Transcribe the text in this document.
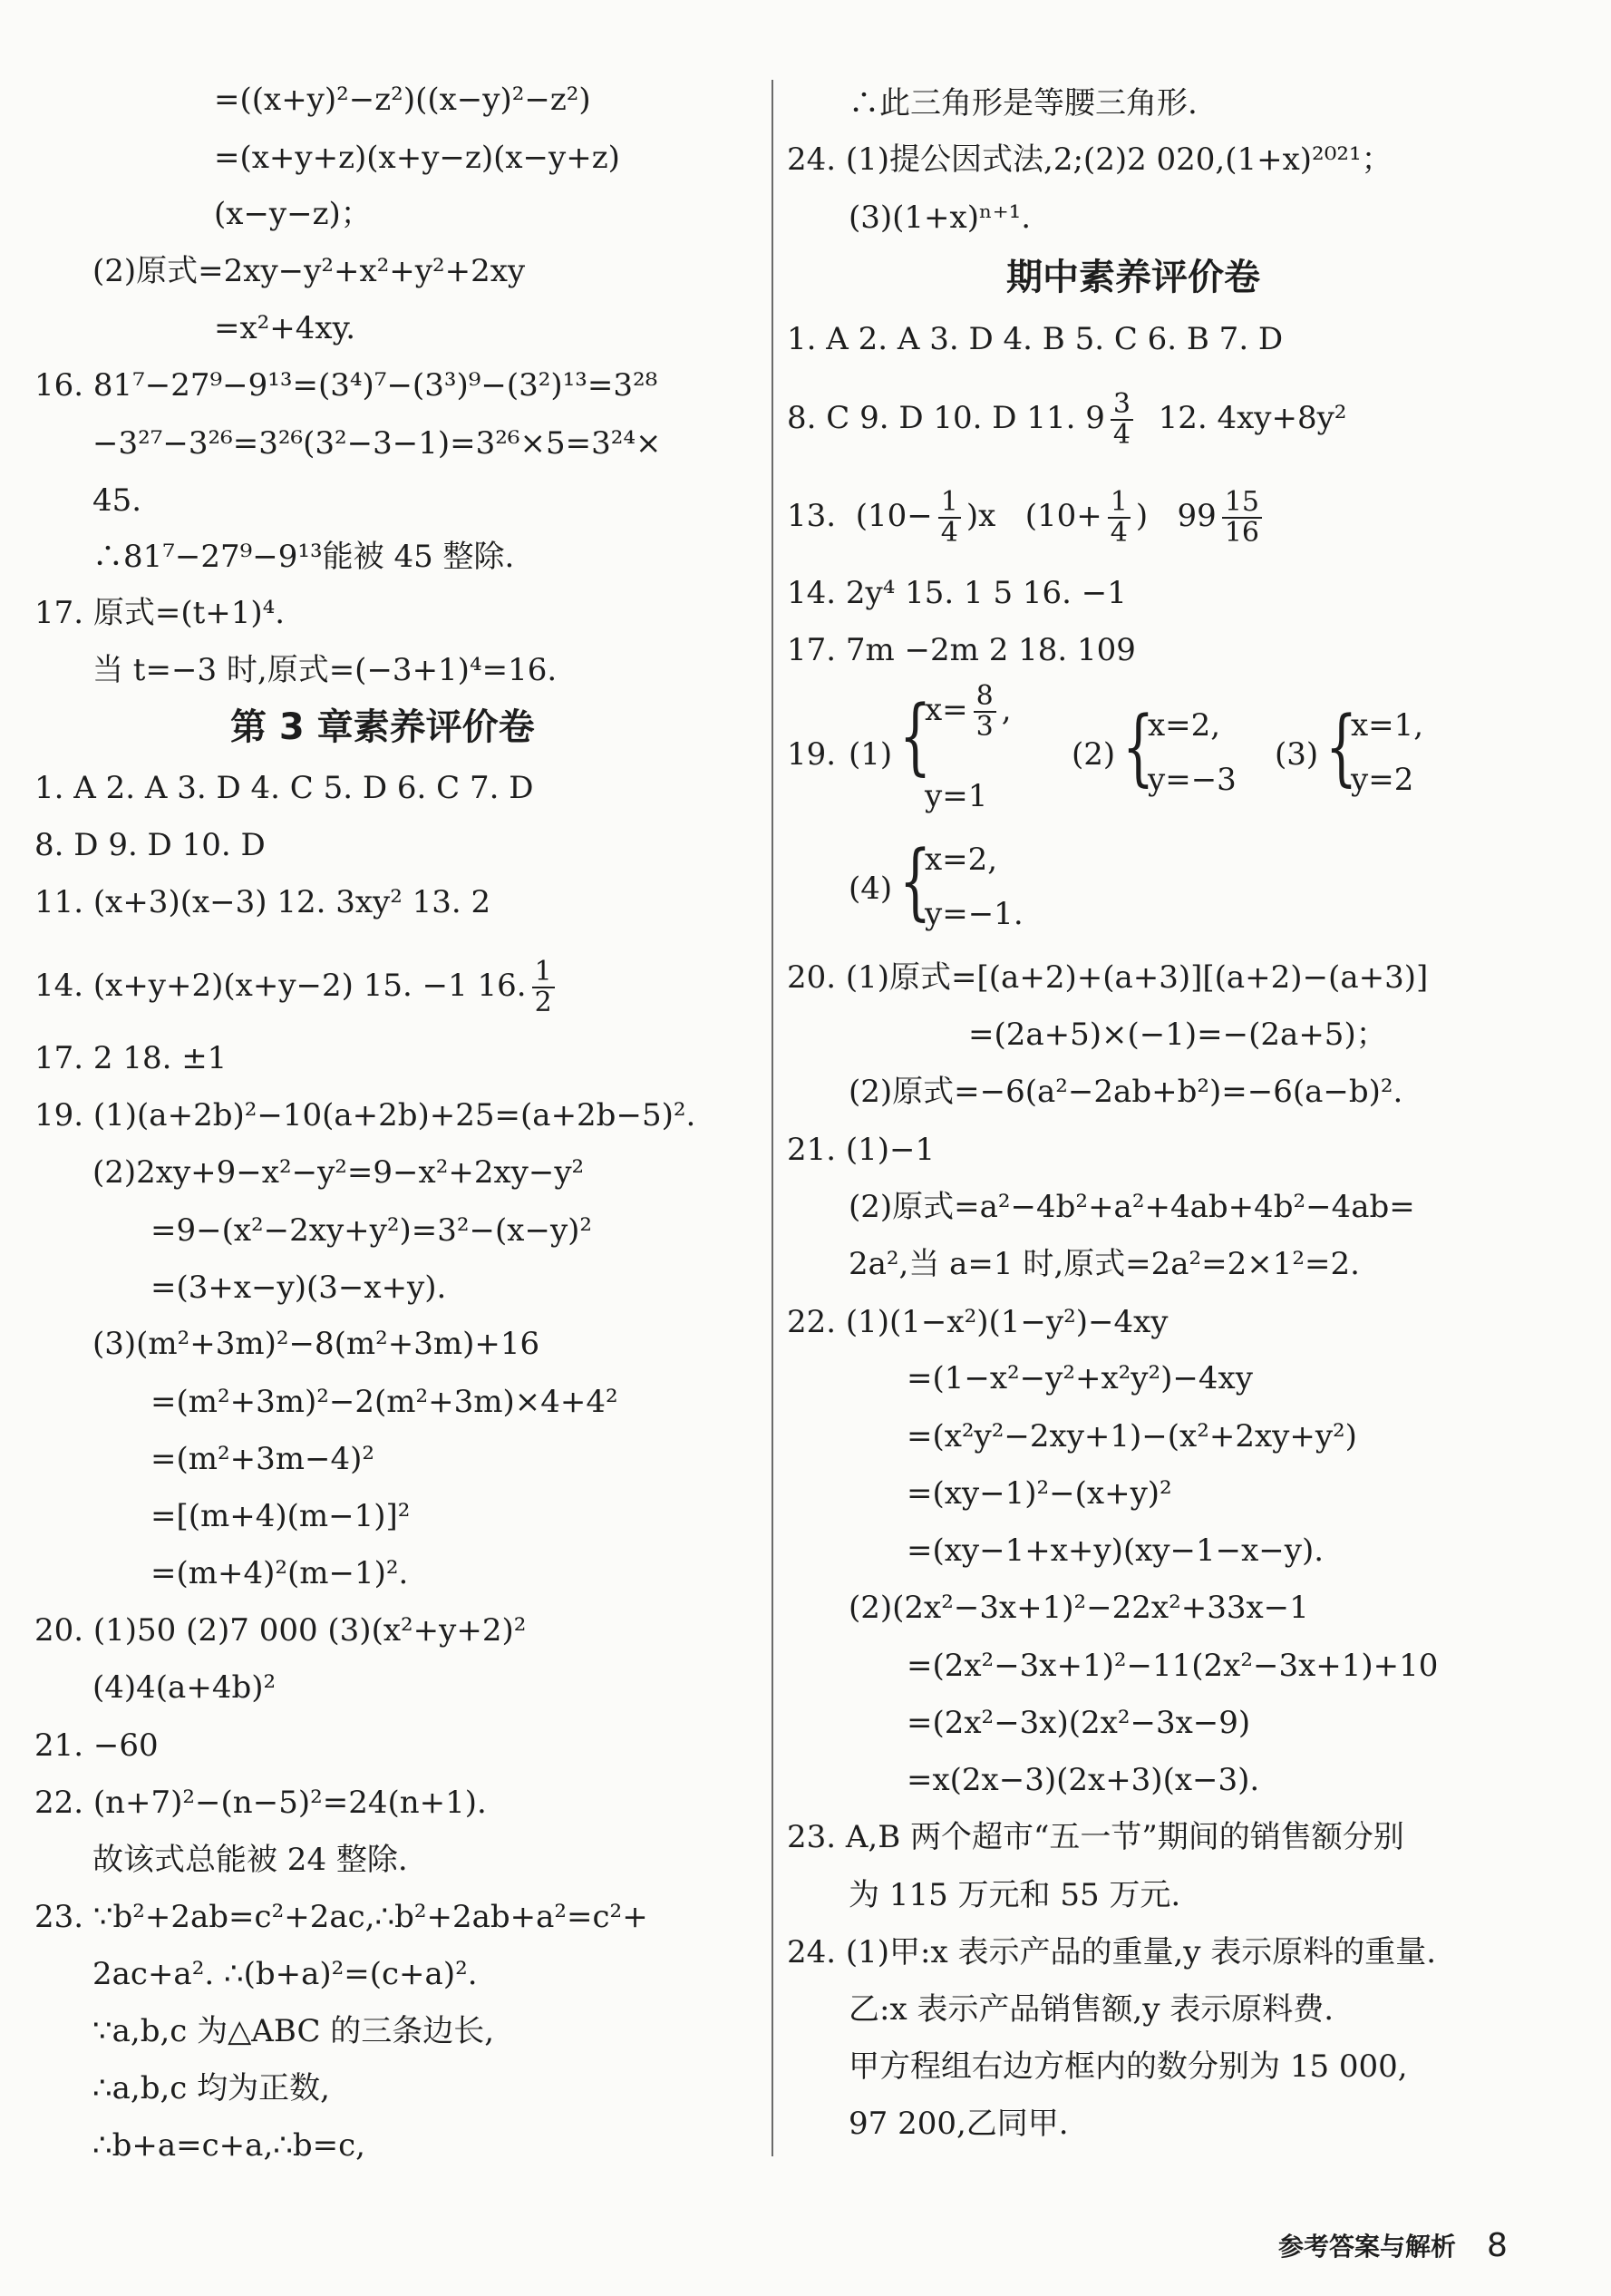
=((x+y)²−z²)((x−y)²−z²)
=(x+y+z)(x+y−z)(x−y+z)
(x−y−z)；
(2)原式=2xy−y²+x²+y²+2xy
=x²+4xy.
16. 81⁷−27⁹−9¹³=(3⁴)⁷−(3³)⁹−(3²)¹³=3²⁸
−3²⁷−3²⁶=3²⁶(3²−3−1)=3²⁶×5=3²⁴×
45.
∴81⁷−27⁹−9¹³能被 45 整除.
17. 原式=(t+1)⁴.
当 t=−3 时,原式=(−3+1)⁴=16.
第 3 章素养评价卷
1. A 2. A 3. D 4. C 5. D 6. C 7. D
8. D 9. D 10. D
11. (x+3)(x−3) 12. 3xy² 13. 2
14. (x+y+2)(x+y−2) 15. −1 16. $\frac{1}{2}$
17. 2 18. ±1
19. (1)(a+2b)²−10(a+2b)+25=(a+2b−5)².
(2)2xy+9−x²−y²=9−x²+2xy−y²
=9−(x²−2xy+y²)=3²−(x−y)²
=(3+x−y)(3−x+y).
(3)(m²+3m)²−8(m²+3m)+16
=(m²+3m)²−2(m²+3m)×4+4²
=(m²+3m−4)²
=[(m+4)(m−1)]²
=(m+4)²(m−1)².
20. (1)50 (2)7 000 (3)(x²+y+2)²
(4)4(a+4b)²
21. −60
22. (n+7)²−(n−5)²=24(n+1).
故该式总能被 24 整除.
23. ∵b²+2ab=c²+2ac,∴b²+2ab+a²=c²+
2ac+a². ∴(b+a)²=(c+a)².
∵a,b,c 为△ABC 的三条边长,
∴a,b,c 均为正数,
∴b+a=c+a,∴b=c,
∴此三角形是等腰三角形.
24. (1)提公因式法,2;(2)2 020,(1+x)²⁰²¹；
(3)(1+x)ⁿ⁺¹.
期中素养评价卷
1. A 2. A 3. D 4. B 5. C 6. B 7. D
8. C 9. D 10. D 11. $9 \frac{3}{4} 12$. 4xy+8y²
13. $(10- \frac{1}{4} )x$ ($10+ \frac{1}{4}$ ) $99 \frac{15}{16}$
14. 2y⁴ 15. 1 5 16. −1
17. 7m −2m 2 18. 109
19. (1) {
$x= \frac{8}{3}$ ,
y=1
(2) {
x=2,
y=−3
(3) {
x=1,
y=2
(4) {
x=2,
y=−1.
20. (1)原式=[(a+2)+(a+3)][(a+2)−(a+3)]
=(2a+5)×(−1)=−(2a+5)；
(2)原式=−6(a²−2ab+b²)=−6(a−b)².
21. (1)−1
(2)原式=a²−4b²+a²+4ab+4b²−4ab=
2a²,当 a=1 时,原式=2a²=2×1²=2.
22. (1)(1−x²)(1−y²)−4xy
=(1−x²−y²+x²y²)−4xy
=(x²y²−2xy+1)−(x²+2xy+y²)
=(xy−1)²−(x+y)²
=(xy−1+x+y)(xy−1−x−y).
(2)(2x²−3x+1)²−22x²+33x−1
=(2x²−3x+1)²−11(2x²−3x+1)+10
=(2x²−3x)(2x²−3x−9)
=x(2x−3)(2x+3)(x−3).
23. A,B 两个超市“五一节”期间的销售额分别
为 115 万元和 55 万元.
24. (1)甲:x 表示产品的重量,y 表示原料的重量.
乙:x 表示产品销售额,y 表示原料费.
甲方程组右边方框内的数分别为 15 000,
97 200,乙同甲.
参考答案与解析 8
